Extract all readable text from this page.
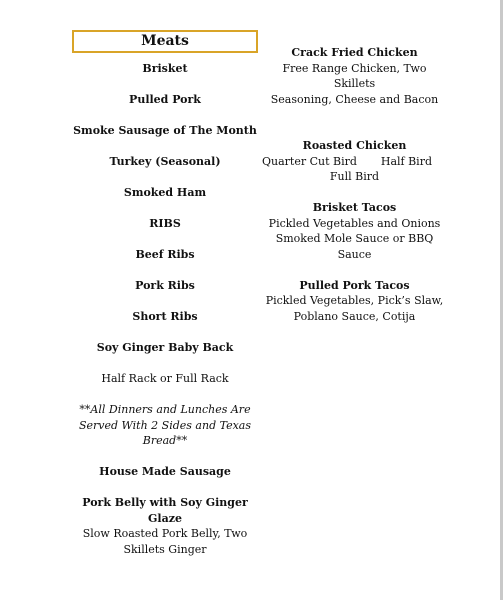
Meats
Brisket
Pulled Pork
Smoke Sausage of The Month
Turkey (Seasonal)
Smoked Ham
RIBS
Beef Ribs
Pork Ribs
Short Ribs
Soy Ginger Baby Back
Half Rack or Full Rack
**All Dinners and Lunches Are
Served With 2 Sides and Texas
Bread**
House Made Sausage
Pork Belly with Soy Ginger
Glaze
Slow Roasted Pork Belly, Two
Skillets Ginger
Crack Fried Chicken
Free Range Chicken, Two Skillets
Seasoning, Cheese and Bacon
Roasted Chicken
Quarter Cut Bird Half Bird
Full Bird
Brisket Tacos
Pickled Vegetables and Onions
Smoked Mole Sauce or BBQ
Sauce
Pulled Pork Tacos
Pickled Vegetables, Pick’s Slaw,
Poblano Sauce, Cotija
